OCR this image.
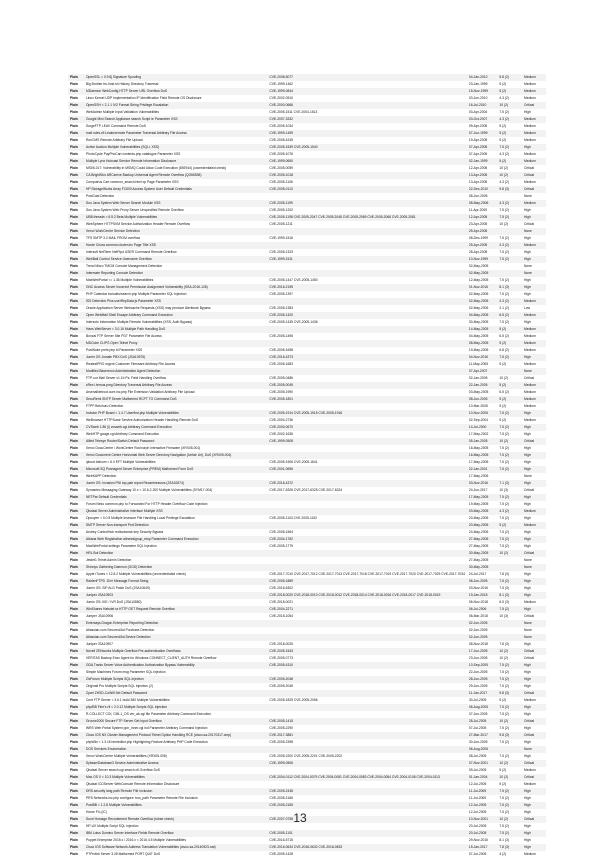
Plain	OpenSSL < 0.9.8j Signature Spoofing	CVE-2008-5077	04-Jan-2010	5.8 (2)	Medium
Plain	Big Brother bs-host.sh History Directory Traversal	CVE-1999-1462	23-Jan-1999	5 (2)	Medium
Plain	MDaemon WebConfig HTTP Server URL Overflow DoS	CVE-1999-0844	15-Nov-1999	5 (2)	Medium
Plain	Linux Kernel UDP Implementation IP Identification Field Remote OS Disclosure	CVE-2002-0510	03-Jun-2010	4.3 (2)	Medium
Plain	OpenSSH < 2.1.1 IV2 Format String Privilege Escalation	CVE-2000-0666	16-Jul-2010	10 (2)	Critical
Plain	WebAdmin Multiple Input Validation Vulnerabilities	CVE-2005-1511 CVE-2004-1513	03-Apr-2004	7.5 (2)	High
Plain	Google Mini Search Appliance search Script ie Parameter XSS	CVE-2007-3332	03-Oct-2007	4.3 (2)	Medium
Plain	SurgeFTP LEAV Command Remote DoS	CVE-2005-1034	09-Apr-2005	5 (2)	Medium
Plain	mail rules.cfi Leaks/remote Parameter Traversal Arbitrary File Access	CVE-1999-1459	07-Jun-1999	5 (2)	Medium
Plain	RunCMS Remote Arbitrary File Upload	CVE-2005-4245	19-Apr-2005	5 (2)	Medium
Plain	Active Auction Multiple Vulnerabilities (SQLi, XSS)	CVE-2005-1539 CVE-2005-1540	07-Apr-2005	7.5 (2)	High
Plain	PhotoCycle PayPhoCart contents.php catalogue Parameter XSS	CVE-2005-1076	07-Apr-2005	4.3 (2)	Medium
Plain	Multiple Lynx Hubcast Service Remote Information Disclosure	CVE-1999-0650	02-Jan-1999	5 (2)	Medium
Plain	MS05-017: Vulnerability in MSMQ Could Allow Code Execution (892944) (uncredentialed check)	CVE-2005-0059	12-Apr-2005	10 (2)	Critical
Plain	CA BrightStor ARCserve Backup Universal Agent Remote Overflow (QO66538)	CVE-2005-1018	13-Apr-2005	10 (2)	Critical
Plain	Computrus Cart common_search.html cp Page Parameter XSS	CVE-2005-1106	13-Apr-2005	4.3 (2)	Medium
Plain	HP StorageWorks Array FC600 Access System User Default Credentials	CVE-2005-0113	22-Dec-2010	9.8 (3)	Critical
Plain	PostCast Detection		08-Jun-2006		None
Plain	Sun Java System Web Server Search Module XSS	CVE-2005-1199	08-May-2006	4.3 (2)	Medium
Plain	Sun Java System Web Proxy Server Unspecified Remote Overflow	CVE-2005-1202	11-Apr-2005	7.5 (2)	High
Plain	UBB.threads < 6.5.2 Beta Multiple Vulnerabilities	CVE-2005-1198 CVE-2005-2047 CVE-2005-2048 CVE-2005-2069 CVE-2005-2068 CVE-2005-2081	12-Apr-2005	7.5 (2)	High
Plain	WebSphere HTTPSVM Service Authorization Header Remote Overflow	CVE-2005-1211	23-Apr-2005	10 (2)	Critical
Plain	Xerox WorkCentre Service Detection		25-Apr-2005		None
Plain	TFS SMTP 3.2 MAIL FROM overflow	CVE-1999-1516	08-Dec-1999	7.5 (2)	High
Plain	Horde Chora common-footer.inc Page Title XSS		25-Apr-2005	4.3 (2)	Medium
Plain	Intersoft NetTerm NetFtpd USER Command Remote Overflow	CVE-2005-1323	28-Apr-2005	7.5 (2)	High
Plain	WebBall Control Service Username Overflow	CVE-1999-1511	10-Nov-1999	7.5 (2)	High
Plain	Trend Micro TMCM Console Management Detection		02-May-2005		None
Plain	Intermate Reporting Console Detection		02-May-2005		None
Plain	MaxWebPortal <= 1.36 Multiple Vulnerabilities	CVE-2005-1447 CVE-2005-1450	12-May-2005	7.5 (2)	High
Plain	GNC Access Server Incorrect Permission Assignment Vulnerability (SSA-2016-128)	CVE-2016-2195	01-Nov-2016	8.1 (3)	High
Plain	PHP Calendar includes/search.php Multiple Parameter SQL Injection	CVE-2005-1397	02-May-2005	7.5 (2)	High
Plain	ISS Detection Plus userRepData.js Parameter XSS		02-May-2005	4.3 (2)	Medium
Plain	Oracle Application Server Webcache Requests (XSS) may produce Alertbook Bypass	CVE-2005-1383	02-May-2005	2.1 (2)	Low
Plain	Open WebMail Shell Escape Arbitrary Command Execution	CVE-2005-1420	04-May-2005	6.5 (2)	Medium
Plain	Intersoto Information Multiple Remote Vulnerabilities (XSS, Auth Bypass)	CVE-2005-1435 CVE-2005-1436	30-May-2005	7.5 (2)	High
Plain	Hans WebServer < 3.0.16 Multiple Path Handling DoS		14-May-2005	5 (2)	Medium
Plain	Bonzai FTP Server Site PDT Parameter File Access	CVE-2005-1496	04-May-2005	6.5 (2)	Medium
Plain	MDCube CLIPS Open Telnet Proxy		08-May-2005	5 (2)	Medium
Plain	PostNuke prefs.php id Parameter XSS	CVE-2005-1698	19-May-2005	6.8 (2)	Medium
Plain	Jumin OS Jumale PBX DoS (JSA10575)	CVE-2016-4373	04-Nov-2016	7.5 (2)	High
Plain	RealestPRO urgent Customer Firmware Arbitrary File Access	CVE-2005-1683	11-May-2005	5 (2)	Medium
Plain	Modified Basereron Administration Agent Detection		07-Apr-2007		None
Plain	FTP-cur Mail Server v1.1b Ps: Field Handling Overflow	CVE-2005-0486	02-Jan-2005	10 (2)	Critical
Plain	zRex i.ternus.pmg Directory Traversal Arbitrary File Access	CVE-2005-0045	22-Jan-2005	5 (2)	Medium
Plain	ArsenalNetroot.cure.inc.php File Extension Validation Arbitrary File Upload	CVE-2005-1990	03-May-2005	6.5 (2)	Medium
Plain	SecuRemi SNTP Server Malformed RCPT TO Command DoS	CVE-2005-1801	08-Jun-2005	5 (2)	Medium
Plain	FTPP Belohuru Detection		10-Mar-2005	5 (2)	Medium
Plain	Invision PHP Board < 1.4.7 Userfirst.php Multiple Vulnerabilities	CVE-2005-1914 CVE-2005-1915 CVE-2005-1916	10-Nov-2005	7.5 (2)	High
Plain	WeBrowser HTTPSuwe Service Authorization Header Handling Remote DoS	CVE-2004-2736	02-Sep-2004	5 (2)	Medium
Plain	CVSweb 1.86 (l) cvsweb.cgi Arbitrary Command Execution	CVE-2000-0670	14-Jul-2000	7.5 (2)	High
Plain	WebHTP gauge.cgi Arbitrary Command Execution	CVE-2002-1636	17-May-2002	7.5 (2)	High
Plain	Allied Telesyn Router/Switch Default Password	CVE-1999-0508	05-Jan-2005	10 (2)	Critical
Plain	Xerox DocuCentre / WorkCentre Rocinorph Interactive Firmware (XRX05-001)		16-May-2005	7.5 (2)	High
Plain	Xerox Document Centre Horizontal Web Server Directory Navigation (Unfair Url), DoS (XRX05-004)		16-May-2005	7.5 (2)	High
Plain	ipboot.bsfcom < 6.0 EFT Multiple Vulnerabilities	CVE-2005-1906 CVE-2005-1841	17-May-2005	7.5 (2)	High
Plain	Microsoft SQ Pushagent Server Enterprise (PREM) Malformed Form DoS	CVE-2001-0696	22-Jan-2001	7.5 (2)	High
Plain	WebKAPP Detection		17-May-2005		None
Plain	Jumin OS: Invasion PNI top-pab report Recantnessrus (JSA10874)	CVE-2016-4372	03-Nov-2016	7.1 (3)	High
Plain	Symantec Messaging Gateway 10.x < 10.6.2-200 Multiple Vulnerabilities (SYM17-004)	CVE-2017-6326 CVE-2017-6325 CVE-2017-6324	24-Jun-2017	10 (3)	Critical
Plain	NETPar Default Credentials		17-May-2005	7.5 (2)	High
Plain	Forum Neko common.php to Forwarded For HTTP Header Overflow Code Injection		19-May-2005	7.5 (2)	High
Plain	Qlsdsat Server Administrative Interface Multiple XSS		03-May-2005	4.3 (2)	Medium
Plain	Opusyen < 0.0 8 Multiple Insecure File Handling Local Privilege Escalation	CVE-2005-1103 CVE-2005-1152	20-May-2005	7.5 (2)	High
Plain	SMTP Server Non-transport Port Detection		20-May-2005	5 (2)	Medium
Plain	Andrey ControlHub redtoolsmsk key Security Bypass	CVE-2005-1564	24-May-2005	7.5 (2)	High
Plain	Albana Web Registration allnewsignup_etop Parameter Command Execution	CVE-2004-1782	27-May-2005	7.5 (2)	High
Plain	MaxWebPortal settings Parameter SQL Injection	CVE-2005-1779	27-May-2005	7.5 (2)	High
Plain	HRL Bot Detection		30-May-2005	10 (2)	Critical
Plain	Jetdet1 Telnet Admin Detection		27-May-2005		None
Plain	Shinnyu Gathering Daemon (GGD) Detection		30-May-2005		None
Plain	Apple iTunes < 12.8.2 Multiple Vulnerabilities (uncredentialed check)	CVE-2017-7010 CVE-2017-7012 CVE-2017-7013 CVE-2017-7018 CVE-2017-7019 CVE-2017-7020 CVE-2017-7029 CVE-2017-7034	24-Jul-2017	7.8 (3)	High
Plain	RaidenFTPD .D/nr Message Format String	CVE-2005-1889	06-Jun-2005	7.5 (2)	High
Plain	Jumin OS: SIP ALG Patch DoS (JSA10649)	CVE-2016-6302	03-Nov-2016	7.5 (3)	High
Plain	Juniper JSA10903	CVE-2018-0020 CVE-2018-0010 CVE-2018-0012 CVE-2018-0014 CVE-2018-0016 CVE-2018-0017 CVE-2018-0019	19-Jan-2018	8.1 (3)	High
Plain	Jumin OS: IKE / IVR DoS (JSA10880)	CVE-2018-0021	06-Nov-2018	6.5 (3)	Medium
Plain	WinShares Hatsdel.ra HTTP GET Request Remote Overflow	CVE-2004-2271	06-Jul-2006	7.5 (2)	High
Plain	Jumper JSA10906	CVE-2018-1054	06-Mar-2018	10 (3)	Critical
Plain	Enterasys Dragon Enterprise Reporting Detection		02-Jun-2005		None
Plain	Atlassian.com Secured/Ad Purchase Detection		02-Jun-2005		None
Plain	Atlassian.com Secured/Ad Device Detection		02-Jun-2005		None
Plain	Juniper JSA10907	CVE-2018-0025	08-Nov-2018	7.8 (3)	High
Plain	Novell ZENworks Multiple Overflow Pre-authentication Overflows	CVE-2005-1543	17-Jun-2005	10 (2)	Critical
Plain	VERITAS Backup Exec Agent for Windows CONNECT_CLIENT_AUTH Remote Overflow	CVE-2005-0773	23-Jun-2005	10 (2)	Critical
Plain	GDA Tranis Server Voice Authentication Authorization Bypass Vulnerability	CVE-2005-4310	10-Sep-2005	7.5 (2)	High
Plain	Simple Machines Forum msg Parameter SQL Injection		22-Jun-2005	7.5 (2)	High
Plain	ZixForum Multiple Scripts SQL Injection	CVE-2005-2048	28-Jun-2005	7.5 (2)	High
Plain	Originali Pro Multiple Scripts SQL Injection (2)	CVE-2005-2045	29-Jun-2005	7.5 (2)	High
Plain	Zycel ZHSD-CoWifi Set Default Password		11-Jan-2017	9.8 (3)	Critical
Plain	Cnet FTP Server < 3.6.1 build 380 Multiple Vulnerabilities	CVE-2005-1825 CVE-2005-2056	30-Jul-2005	5 (2)	Medium
Plain	php/BB Firm's rtl < 2.0.12 Multiple Scripts SQL Injection		06-Aug-2005	7.5 (2)	High
Plain	R-COLLECT CGI, CMI-1_OS ver_ab.cgi file Parameter Arbitrary Command Execution		07-Jun-2005	7.5 (2)	High
Plain	Groove2000 Secure FTP Server Get Input Overflow	CVE-2005-1415	28-Jul-2005	10 (2)	Critical
Plain	WRS Web Portal System ppn_inner.cgi ind Parameter Arbitrary Command Injection	CVE-2005-2290	07-Jul-2005	7.5 (2)	High
Plain	Cisco IOS NX Cluster Management Protocol Telnet Option Handling RCE (cisco-sa-20170317-cmp)	CVE-2017-3881	27-Mar-2017	9.8 (3)	Critical
Plain	phpWiki < 1.3.16 htmleditor.php Highlighting Feature Arbitrary PHP Code Execution	CVE-2005-2398	30-Jun-2005	7.5 (2)	High
Plain	DOS Services Enumeration		06-Aug-2005		None
Plain	Xerox WorkCentre Multiple Vulnerabilities (XRX05-008)	CVE-2005-2200 CVE-2005-2201 CVE-2005-2202	08-Jul-2005	7.5 (2)	High
Plain	Sybase/Database3 Service Administrative Access	CVE-1999-0506	07-Nov-2001	10 (2)	Critical
Plain	Qlsdsat Server search.cgi search.cfl Overflow DoS		09-Jul-2005	5 (2)	Medium
Plain	Mac OS X < 10.3 Multiple Vulnerabilities	CVE-2004-0112 CVE-2004-0079 CVE-2004-0081 CVE-2004-0083 CVE-2004-0084 CVE-2004-0108 CVE-2004-0113	01-Jan-2004	10 (2)	Critical
Plain	Qlsdsat ICDServer WebConsole Remote Information Disclosure		12-Jul-2005	5 (2)	Medium
Plain	DRS.security lang path Remote File Inclusion	CVE-2005-2436	11-Jul-2005	7.5 (2)	High
Plain	PRS Networks.inc.php configure: bus_path Parameter Remote File Inclusion	CVE-2005-2166	11-Jul-2005	7.5 (2)	High
Plain	PostBB < 1.2.8 Multiple Vulnerabilities	CVE-2005-2165	12-Jul-2005	7.5 (2)	High
Plain	Home Ft.L(IC)		12-Jul-2005	7.5 (2)	High
Plain	Sunri Homage Recrutement Remote Overflow (tobse check)	CVE-2007-0758	10-Nov-2001	10 (2)	Critical
Plain	HP-UX Multiple Script SQL Injection		20-Jul-2005	7.5 (2)	High
Plain	IBM Lotus Domino Server Interface Fields Remote Overflow	CVE-2005-1101	20-Jul-2005	7.5 (2)	High
Plain	Puppet Enterprise 2015.x / 2016.x < 2016.4.5 Multiple Vulnerabilities	CVE-2016-5715	29-Nov-2016	8.1 (3)	High
Plain	Cisco IOS Software Network Address Translation Vulnerabilities (cisco-sa-20140923-nat)	CVE-2016-0634 CVE-2016-0632 CVE-2016-0633	15-Jan-2017	7.8 (3)	High
Plain	PTProtek Server 3.28 Malformed PORT QUIT DoS	CVE-2005-1428	07-Jul-2005	4 (2)	Medium
13
